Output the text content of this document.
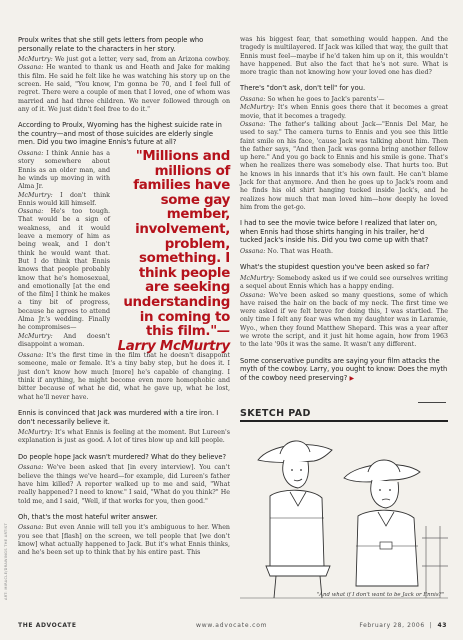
Proulx writes that she still gets letters from people who personally relate to the characters in her story.

McMurtry: We just got a letter, very sad, from an Arizona cowboy. Ossana: He wanted to thank us and Heath and Jake for making this film. He said he felt like he was watching his story up on the screen. He said, "You know, I'm gonna be 70, and I feel full of regret. There were a couple of men that I loved, one of whom was married and had three children. We never followed through on any of it. We just didn't feel free to do it."

According to Proulx, Wyoming has the highest suicide rate in the country—and most of those suicides are elderly single men. Did you two imagine Ennis's future at all?

Ossana: I think Annie has a story somewhere about Ennis as an older man, and he winds up moving in with Alma Jr.
McMurtry: I don't think Ennis would kill himself.
Ossana: He's too tough. That would be a sign of weakness, and it would leave a memory of him as being weak, and I don't think he would want that. But I do think that Ennis knows that people probably know that he's homosexual, and emotionally [at the end of the film] I think he makes a tiny bit of progress, because he agrees to attend Alma Jr.'s wedding. Finally he compromises—
McMurtry: And doesn't disappoint a woman.

"Millions and millions of families have some gay member, involvement, problem, something. I think people are seeking understanding in coming to this film."—Larry McMurtry

Ossana: It's the first time in the film that he doesn't disappoint someone, male or female. It's a tiny baby step, but he does it. I just don't know how much [more] he's capable of changing. I think if anything, he might become even more homophobic and bitter because of what he did, what he gave up, what he lost, what he'll never have.

Ennis is convinced that Jack was murdered with a tire iron. I don't necessarily believe it.

McMurtry: It's what Ennis is feeling at the moment. But Lureen's explanation is just as good. A lot of tires blow up and kill people.

Do people hope Jack wasn't murdered? What do they believe?

Ossana: We've been asked that [in every interview]. You can't believe the things we've heard—for example, did Lureen's father have him killed? A reporter walked up to me and said, "What really happened? I need to know." I said, "What do you think?" He told me, and I said, "Well, if that works for you, then good."

Oh, that's the most hateful writer answer.

Ossana: But even Annie will tell you it's ambiguous to her. When you see that [flash] on the screen, we tell people that [we don't know] what actually happened to Jack. But it's what Ennis thinks, and he's been set up to think that by his entire past. This

was his biggest fear, that something would happen. And the tragedy is multilayered. If Jack was killed that way, the guilt that Ennis must feel—maybe if he'd taken him up on it, this wouldn't have happened. But also the fact that he's not sure. What is more tragic than not knowing how your loved one has died?

There's "don't ask, don't tell" for you.

Ossana: So when he goes to Jack's parents'—
McMurtry: It's when Ennis goes there that it becomes a great movie, that it becomes a tragedy.
Ossana: The father's talking about Jack—"Ennis Del Mar, he used to say." The camera turns to Ennis and you see this little faint smile on his face, 'cause Jack was talking about him. Then the father says, "And then Jack was gonna bring another fellow up here." And you go back to Ennis and his smile is gone. That's when he realizes there was somebody else. That hurts too. But he knows in his innards that it's his own fault. He can't blame Jack for that anymore. And then he goes up to Jack's room and he finds his old shirt hanging tucked inside Jack's, and he realizes how much that man loved him—how deeply he loved him from the get-go.

I had to see the movie twice before I realized that later on, when Ennis had those shirts hanging in his trailer, he'd tucked Jack's inside his. Did you two come up with that?

Ossana: No. That was Heath.

What's the stupidest question you've been asked so far?

McMurtry: Somebody asked us if we could see ourselves writing a sequel about Ennis which has a happy ending.
Ossana: We've been asked so many questions, some of which have raised the hair on the back of my neck. The first time we were asked if we felt brave for doing this, I was startled. The only time I felt any fear was when my daughter was in Laramie, Wyo., when they found Matthew Shepard. This was a year after we wrote the script, and it just hit home again, how from 1963 to the late '90s it was the same. It wasn't any different.

Some conservative pundits are saying your film attacks the myth of the cowboy. Larry, you ought to know: Does the myth of the cowboy need preserving? ▶

SKETCH PAD
"And what if I don't want to be Jack or Ennis?"
ART: MIRACLE/DRAWINGS THE ARTIST
THE ADVOCATE	www.advocate.com	February 28, 2006  |  43
